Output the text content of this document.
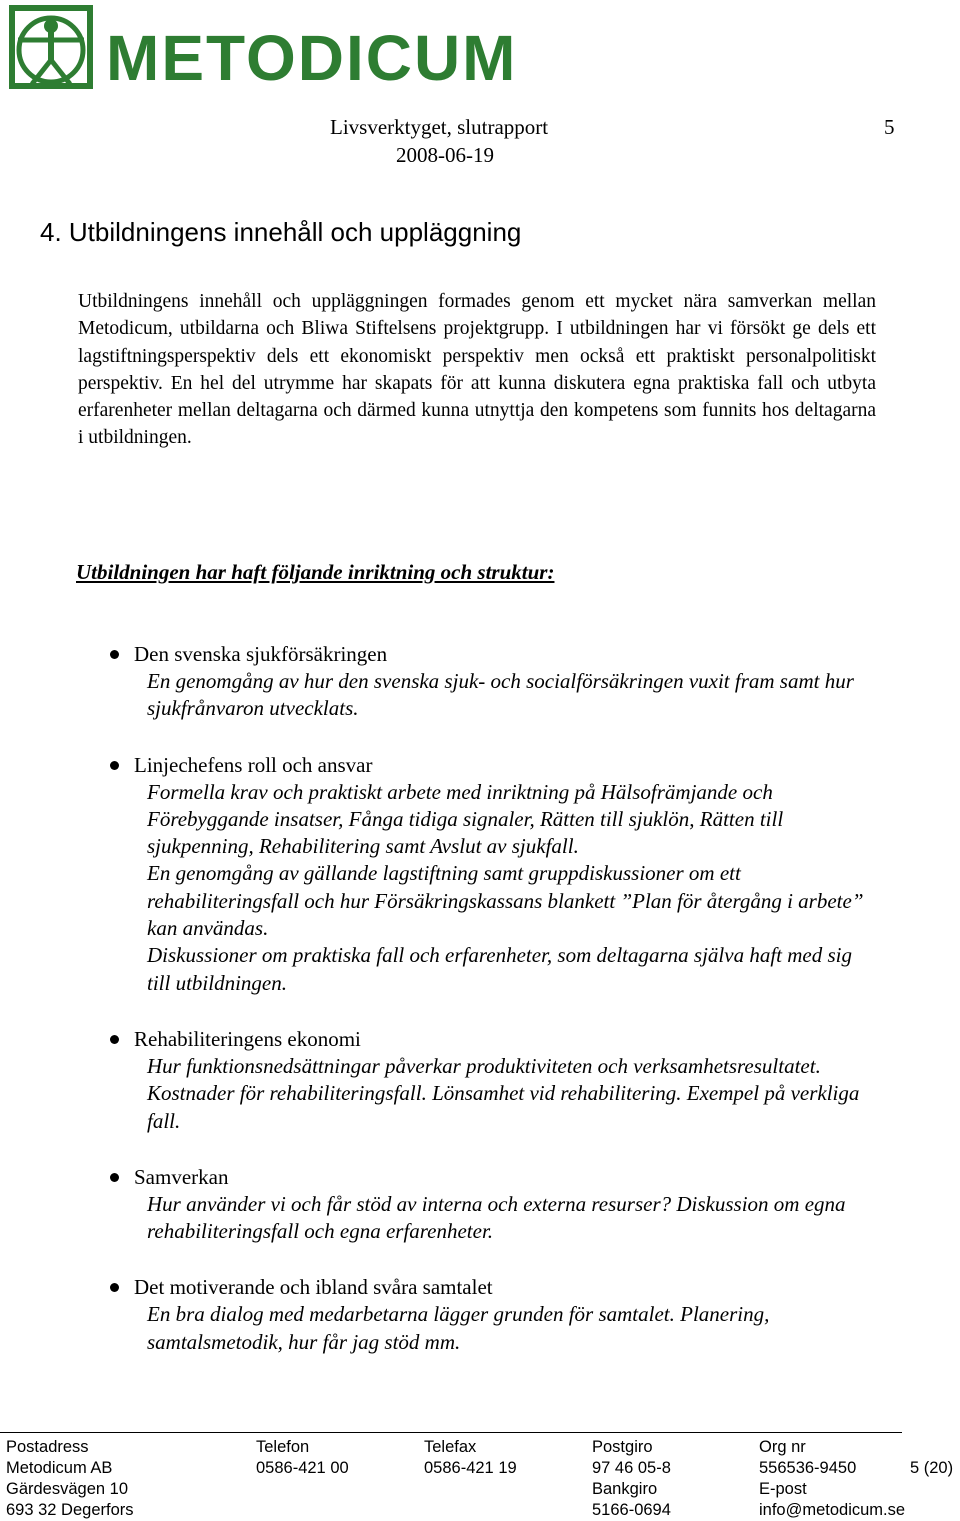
METODICUM
Livsverktyget, slutrapport
2008-06-19
5
4. Utbildningens innehåll och uppläggning

Utbildningens innehåll och uppläggningen formades genom ett mycket nära samverkan mellan Metodicum, utbildarna och Bliwa Stiftelsens projektgrupp. I utbildningen har vi försökt ge dels ett lagstiftningsperspektiv dels ett ekonomiskt perspektiv men också ett praktiskt personalpolitiskt perspektiv. En hel del utrymme har skapats för att kunna diskutera egna praktiska fall och utbyta erfarenheter mellan deltagarna och därmed kunna utnyttja den kompetens som funnits hos deltagarna i utbildningen.

Utbildningen har haft följande inriktning och struktur:
Den svenska sjukförsäkringen

En genomgång av hur den svenska sjuk- och socialförsäkringen vuxit fram samt hur sjukfrånvaron utvecklats.

Linjechefens roll och ansvar

Formella krav och praktiskt arbete med inriktning på Hälsofrämjande och Förebyggande insatser, Fånga tidiga signaler, Rätten till sjuklön, Rätten till sjukpenning, Rehabilitering samt Avslut av sjukfall.

En genomgång av gällande lagstiftning samt gruppdiskussioner om ett rehabiliteringsfall och hur Försäkringskassans blankett ”Plan för återgång i arbete” kan användas.

Diskussioner om praktiska fall och erfarenheter, som deltagarna själva haft med sig till utbildningen.

Rehabiliteringens ekonomi

Hur funktionsnedsättningar påverkar produktiviteten och verksamhetsresultatet. Kostnader för rehabiliteringsfall. Lönsamhet vid rehabilitering. Exempel på verkliga fall.

Samverkan

Hur använder vi och får stöd av interna och externa resurser? Diskussion om egna rehabiliteringsfall och egna erfarenheter.

Det motiverande och ibland svåra samtalet

En bra dialog med medarbetarna lägger grunden för samtalet. Planering, samtalsmetodik, hur får jag stöd mm.

Postadress
Metodicum AB
Gärdesvägen 10
693 32 Degerfors
Telefon
0586-421 00
Telefax
0586-421 19
Postgiro
97 46 05-8
Bankgiro
5166-0694
Org nr
556536-9450
E-post
info@metodicum.se
5 (20)
